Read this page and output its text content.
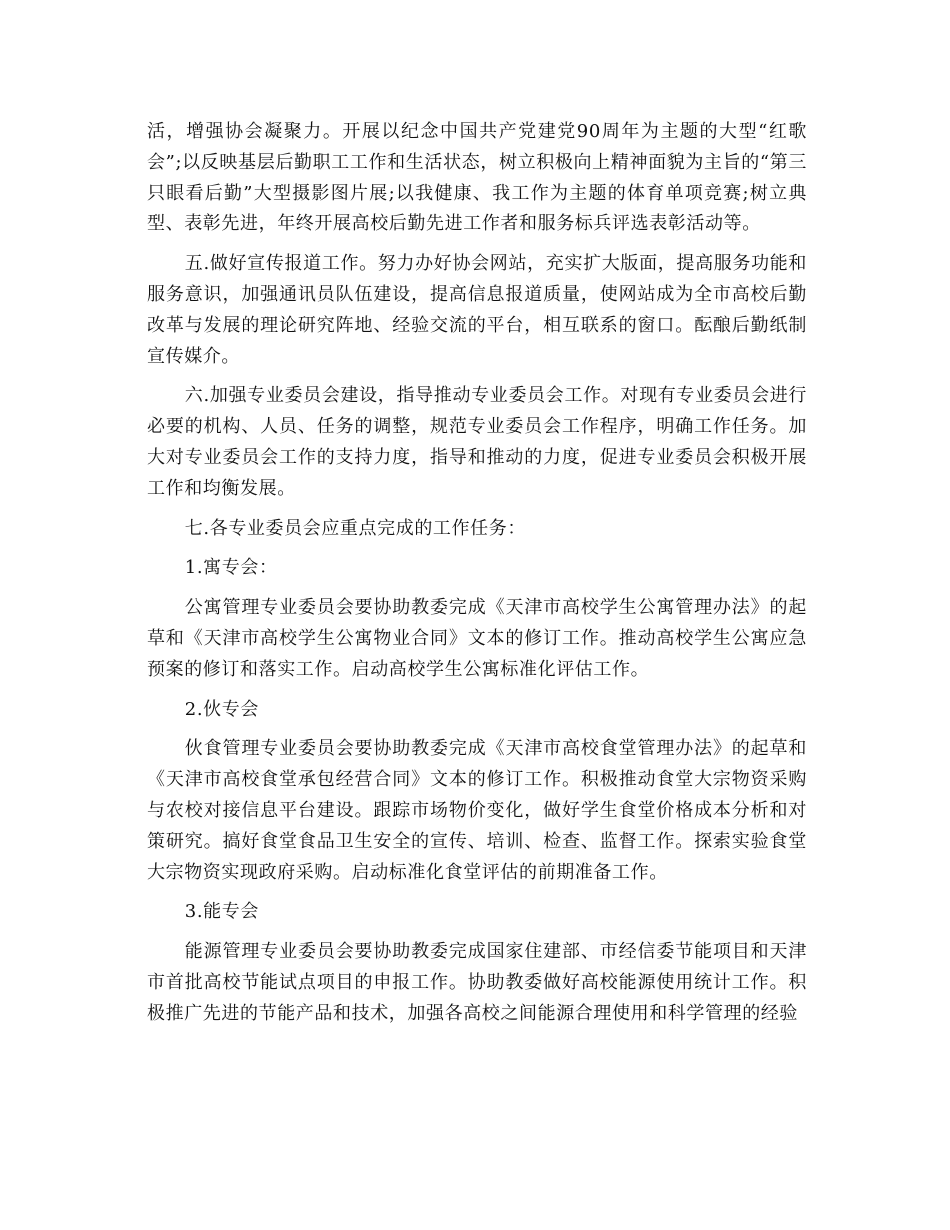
活，增强协会凝聚力。开展以纪念中国共产党建党90周年为主题的大型“红歌会”;以反映基层后勤职工工作和生活状态，树立积极向上精神面貌为主旨的“第三只眼看后勤”大型摄影图片展;以我健康、我工作为主题的体育单项竞赛;树立典型、表彰先进，年终开展高校后勤先进工作者和服务标兵评选表彰活动等。

五.做好宣传报道工作。努力办好协会网站，充实扩大版面，提高服务功能和服务意识，加强通讯员队伍建设，提高信息报道质量，使网站成为全市高校后勤改革与发展的理论研究阵地、经验交流的平台，相互联系的窗口。酝酿后勤纸制宣传媒介。

六.加强专业委员会建设，指导推动专业委员会工作。对现有专业委员会进行必要的机构、人员、任务的调整，规范专业委员会工作程序，明确工作任务。加大对专业委员会工作的支持力度，指导和推动的力度，促进专业委员会积极开展工作和均衡发展。

七.各专业委员会应重点完成的工作任务：

1.寓专会：

公寓管理专业委员会要协助教委完成《天津市高校学生公寓管理办法》的起草和《天津市高校学生公寓物业合同》文本的修订工作。推动高校学生公寓应急预案的修订和落实工作。启动高校学生公寓标准化评估工作。

2.伙专会

伙食管理专业委员会要协助教委完成《天津市高校食堂管理办法》的起草和《天津市高校食堂承包经营合同》文本的修订工作。积极推动食堂大宗物资采购与农校对接信息平台建设。跟踪市场物价变化，做好学生食堂价格成本分析和对策研究。搞好食堂食品卫生安全的宣传、培训、检查、监督工作。探索实验食堂大宗物资实现政府采购。启动标准化食堂评估的前期准备工作。

3.能专会

能源管理专业委员会要协助教委完成国家住建部、市经信委节能项目和天津市首批高校节能试点项目的申报工作。协助教委做好高校能源使用统计工作。积极推广先进的节能产品和技术，加强各高校之间能源合理使用和科学管理的经验
